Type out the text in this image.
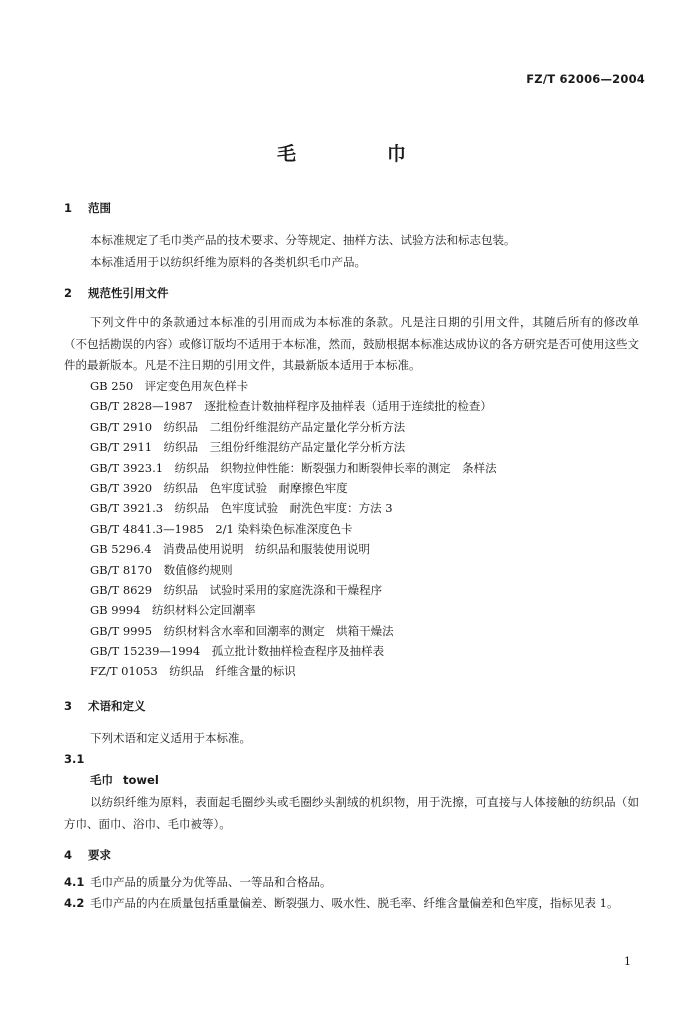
FZ/T 62006—2004
毛　巾
1 范围
本标准规定了毛巾类产品的技术要求、分等规定、抽样方法、试验方法和标志包装。
本标准适用于以纺织纤维为原料的各类机织毛巾产品。
2 规范性引用文件
下列文件中的条款通过本标准的引用而成为本标准的条款。凡是注日期的引用文件，其随后所有的修改单（不包括勘误的内容）或修订版均不适用于本标准，然而，鼓励根据本标准达成协议的各方研究是否可使用这些文件的最新版本。凡是不注日期的引用文件，其最新版本适用于本标准。
GB 250　评定变色用灰色样卡
GB/T 2828—1987　逐批检查计数抽样程序及抽样表（适用于连续批的检查）
GB/T 2910　纺织品　二组份纤维混纺产品定量化学分析方法
GB/T 2911　纺织品　三组份纤维混纺产品定量化学分析方法
GB/T 3923.1　纺织品　织物拉伸性能：断裂强力和断裂伸长率的测定　条样法
GB/T 3920　纺织品　色牢度试验　耐摩擦色牢度
GB/T 3921.3　纺织品　色牢度试验　耐洗色牢度：方法 3
GB/T 4841.3—1985　2/1 染料染色标准深度色卡
GB 5296.4　消费品使用说明　纺织品和服装使用说明
GB/T 8170　数值修约规则
GB/T 8629　纺织品　试验时采用的家庭洗涤和干燥程序
GB 9994　纺织材料公定回潮率
GB/T 9995　纺织材料含水率和回潮率的测定　烘箱干燥法
GB/T 15239—1994　孤立批计数抽样检查程序及抽样表
FZ/T 01053　纺织品　纤维含量的标识
3 术语和定义
下列术语和定义适用于本标准。
3.1
毛巾 towel
以纺织纤维为原料，表面起毛圈纱头或毛圈纱头割绒的机织物，用于洗擦，可直接与人体接触的纺织品（如方巾、面巾、浴巾、毛巾被等）。
4 要求
4.1 毛巾产品的质量分为优等品、一等品和合格品。
4.2 毛巾产品的内在质量包括重量偏差、断裂强力、吸水性、脱毛率、纤维含量偏差和色牢度，指标见表 1。
1
